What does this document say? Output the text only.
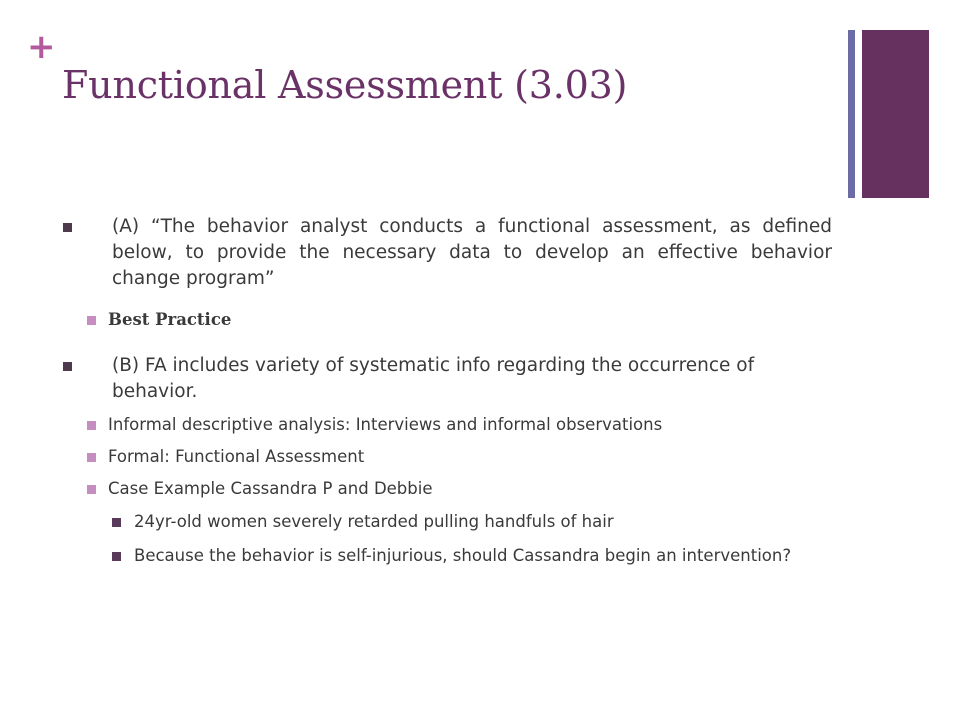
+
Functional Assessment (3.03)
(A) “The behavior analyst conducts a functional assessment, as defined below, to provide the necessary data to develop an effective behavior change program”
Best Practice
(B) FA includes variety of systematic info regarding the occurrence of behavior.
Informal descriptive analysis: Interviews and informal observations
Formal: Functional Assessment
Case Example Cassandra P and Debbie
24yr-old women severely retarded pulling handfuls of hair
Because the behavior is self-injurious, should Cassandra begin an intervention?
